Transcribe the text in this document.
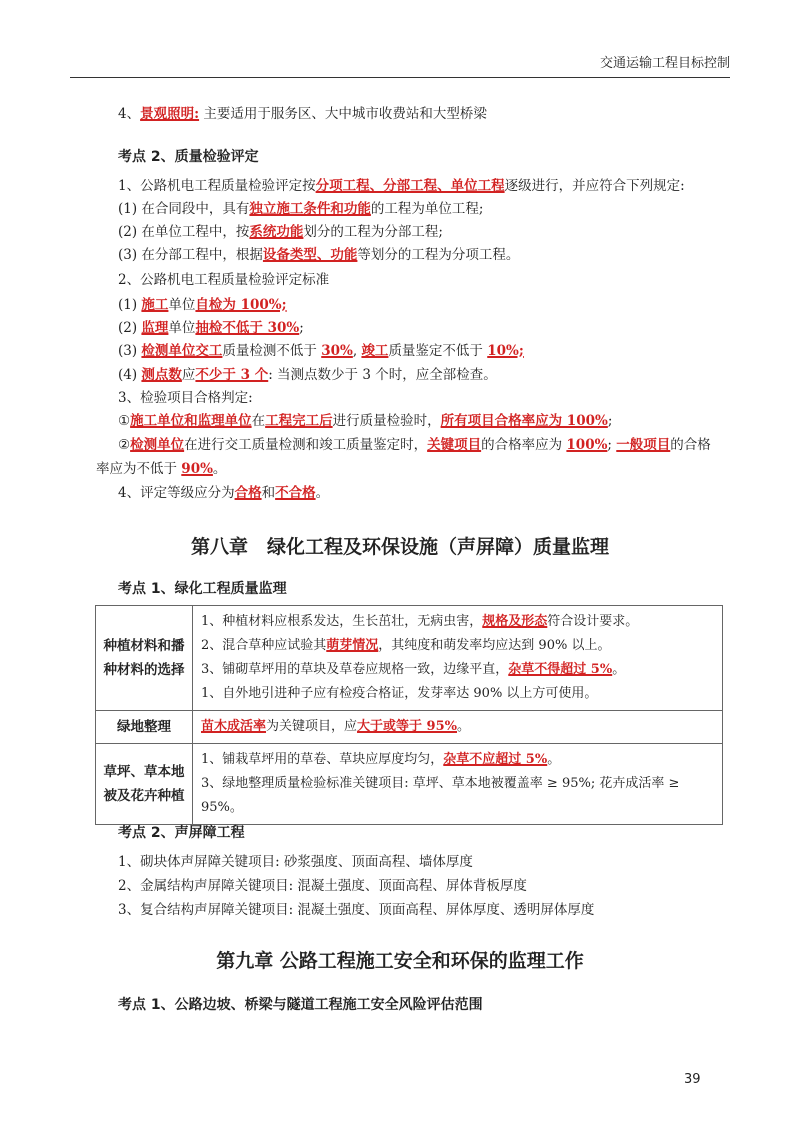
交通运输工程目标控制
4、景观照明: 主要适用于服务区、大中城市收费站和大型桥梁
考点 2、质量检验评定
1、公路机电工程质量检验评定按分项工程、分部工程、单位工程逐级进行，并应符合下列规定:
(1) 在合同段中，具有独立施工条件和功能的工程为单位工程;
(2) 在单位工程中，按系统功能划分的工程为分部工程;
(3) 在分部工程中，根据设备类型、功能等划分的工程为分项工程。
2、公路机电工程质量检验评定标准
(1) 施工单位自检为 100%;
(2) 监理单位抽检不低于 30%;
(3) 检测单位交工质量检测不低于 30%, 竣工质量鉴定不低于 10%;
(4) 测点数应不少于 3 个: 当测点数少于 3 个时，应全部检查。
3、检验项目合格判定:
①施工单位和监理单位在工程完工后进行质量检验时，所有项目合格率应为 100%;
②检测单位在进行交工质量检测和竣工质量鉴定时，关键项目的合格率应为 100%; 一般项目的合格
率应为不低于 90%。
4、评定等级应分为合格和不合格。
第八章　绿化工程及环保设施（声屏障）质量监理
考点 1、绿化工程质量监理
种植材料和播种材料的选择	1、种植材料应根系发达，生长茁壮，无病虫害，规格及形态符合设计要求。
2、混合草种应试验其萌芽情况，其纯度和萌发率均应达到 90% 以上。
3、铺砌草坪用的草块及草卷应规格一致，边缘平直，杂草不得超过 5%。
1、自外地引进种子应有检疫合格证，发芽率达 90% 以上方可使用。

绿地整理	苗木成活率为关键项目，应大于或等于 95%。

草坪、草本地被及花卉种植	1、铺栽草坪用的草卷、草块应厚度均匀，杂草不应超过 5%。
3、绿地整理质量检验标准关键项目: 草坪、草本地被覆盖率 ≥ 95%; 花卉成活率 ≥ 95%。
考点 2、声屏障工程
1、砌块体声屏障关键项目: 砂浆强度、顶面高程、墙体厚度
2、金属结构声屏障关键项目: 混凝土强度、顶面高程、屏体背板厚度
3、复合结构声屏障关键项目: 混凝土强度、顶面高程、屏体厚度、透明屏体厚度
第九章 公路工程施工安全和环保的监理工作
考点 1、公路边坡、桥梁与隧道工程施工安全风险评估范围
39
